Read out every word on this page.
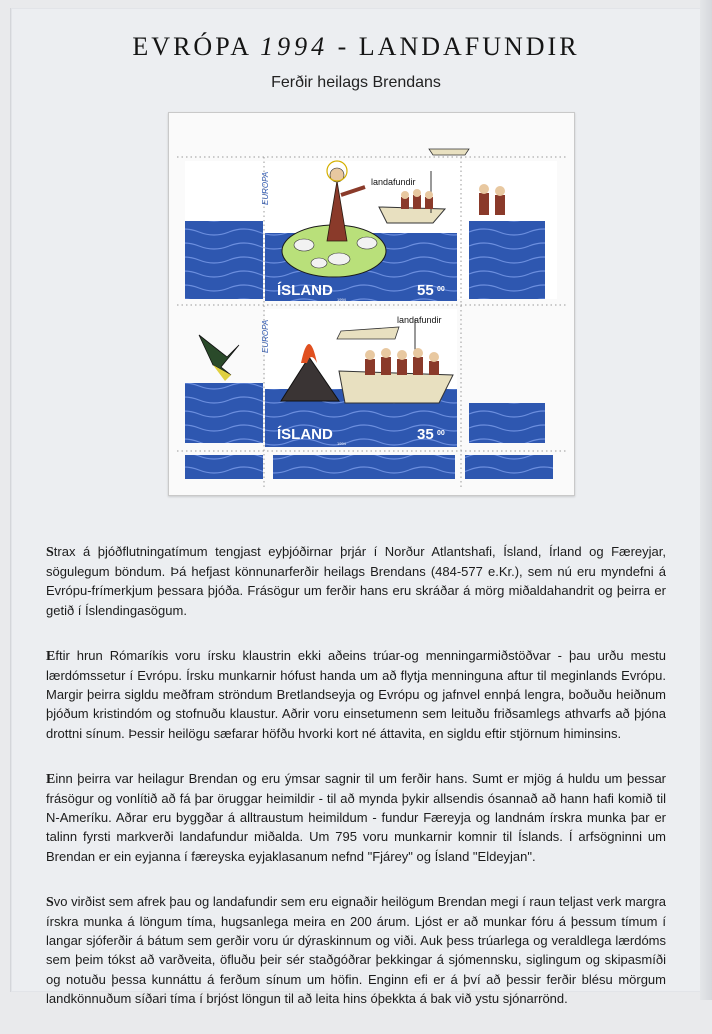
EVRÓPA 1994 - LANDAFUNDIR
Ferðir heilags Brendans
EUROPA	landafundir
ÍSLAND	55 00
1994
EUROPA	landafundir
ÍSLAND	35 00
1994

Strax á þjóðflutningatímum tengjast eyþjóðirnar þrjár í Norður Atlantshafi, Ísland, Írland og Færeyjar, sögulegum böndum. Þá hefjast könnunarferðir heilags Brendans (484-577 e.Kr.), sem nú eru myndefni á Evrópu-frímerkjum þessara þjóða. Frásögur um ferðir hans eru skráðar á mörg miðaldahandrit og þeirra er getið í Íslendingasögum.

Eftir hrun Rómaríkis voru írsku klaustrin ekki aðeins trúar-og menningarmiðstöðvar - þau urðu mestu lærdómssetur í Evrópu. Írsku munkarnir hófust handa um að flytja menninguna aftur til meginlands Evrópu. Margir þeirra sigldu meðfram ströndum Bretlandseyja og Evrópu og jafnvel ennþá lengra, boðuðu heiðnum þjóðum kristindóm og stofnuðu klaustur. Aðrir voru einsetumenn sem leituðu friðsamlegs athvarfs að þjóna drottni sínum. Þessir heilögu sæfarar höfðu hvorki kort né áttavita, en sigldu eftir stjörnum himinsins.

Einn þeirra var heilagur Brendan og eru ýmsar sagnir til um ferðir hans. Sumt er mjög á huldu um þessar frásögur og vonlítið að fá þar öruggar heimildir - til að mynda þykir allsendis ósannað að hann hafi komið til N-Ameríku. Aðrar eru byggðar á alltraustum heimildum - fundur Færeyja og landnám írskra munka þar er talinn fyrsti markverði landafundur miðalda. Um 795 voru munkarnir komnir til Íslands. Í arfsögninni um Brendan er ein eyjanna í færeyska eyjaklasanum nefnd "Fjárey" og Ísland "Eldeyjan".

Svo virðist sem afrek þau og landafundir sem eru eignaðir heilögum Brendan megi í raun teljast verk margra írskra munka á löngum tíma, hugsanlega meira en 200 árum. Ljóst er að munkar fóru á þessum tímum í langar sjóferðir á bátum sem gerðir voru úr dýraskinnum og viði. Auk þess trúarlega og veraldlega lærdóms sem þeim tókst að varðveita, öfluðu þeir sér staðgóðrar þekkingar á sjómennsku, siglingum og skipasmíði og notuðu þessa kunnáttu á ferðum sínum um höfin. Enginn efi er á því að þessir ferðir blésu mörgum landkönnuðum síðari tíma í brjóst löngun til að leita hins óþekkta á bak við ystu sjónarrönd.
